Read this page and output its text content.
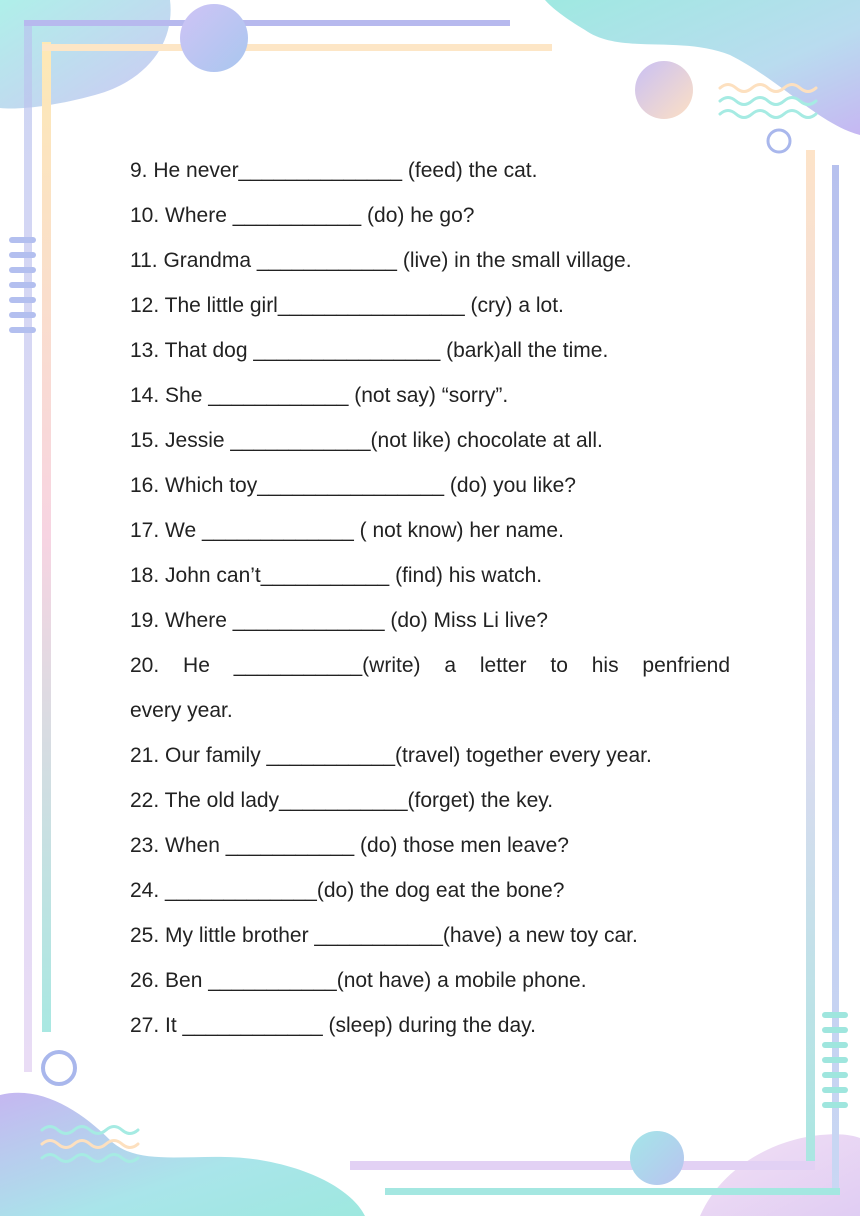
9. He never______________ (feed) the cat.
10. Where ___________ (do) he go?
11. Grandma ____________ (live) in the small village.
12. The little girl________________ (cry) a lot.
13. That dog ________________ (bark)all the time.
14. She ____________ (not say) “sorry”.
15. Jessie ____________(not like) chocolate at all.
16. Which toy________________ (do) you like?
17. We _____________ ( not know) her name.
18. John can’t___________ (find) his watch.
19. Where _____________ (do) Miss Li live?
20. He ___________(write) a letter to his penfriend
every year.
21. Our family ___________(travel) together every year.
22. The old lady___________(forget) the key.
23. When ___________ (do) those men leave?
24. _____________(do) the dog eat the bone?
25. My little brother ___________(have) a new toy car.
26. Ben ___________(not have) a mobile phone.
27. It ____________ (sleep) during the day.
